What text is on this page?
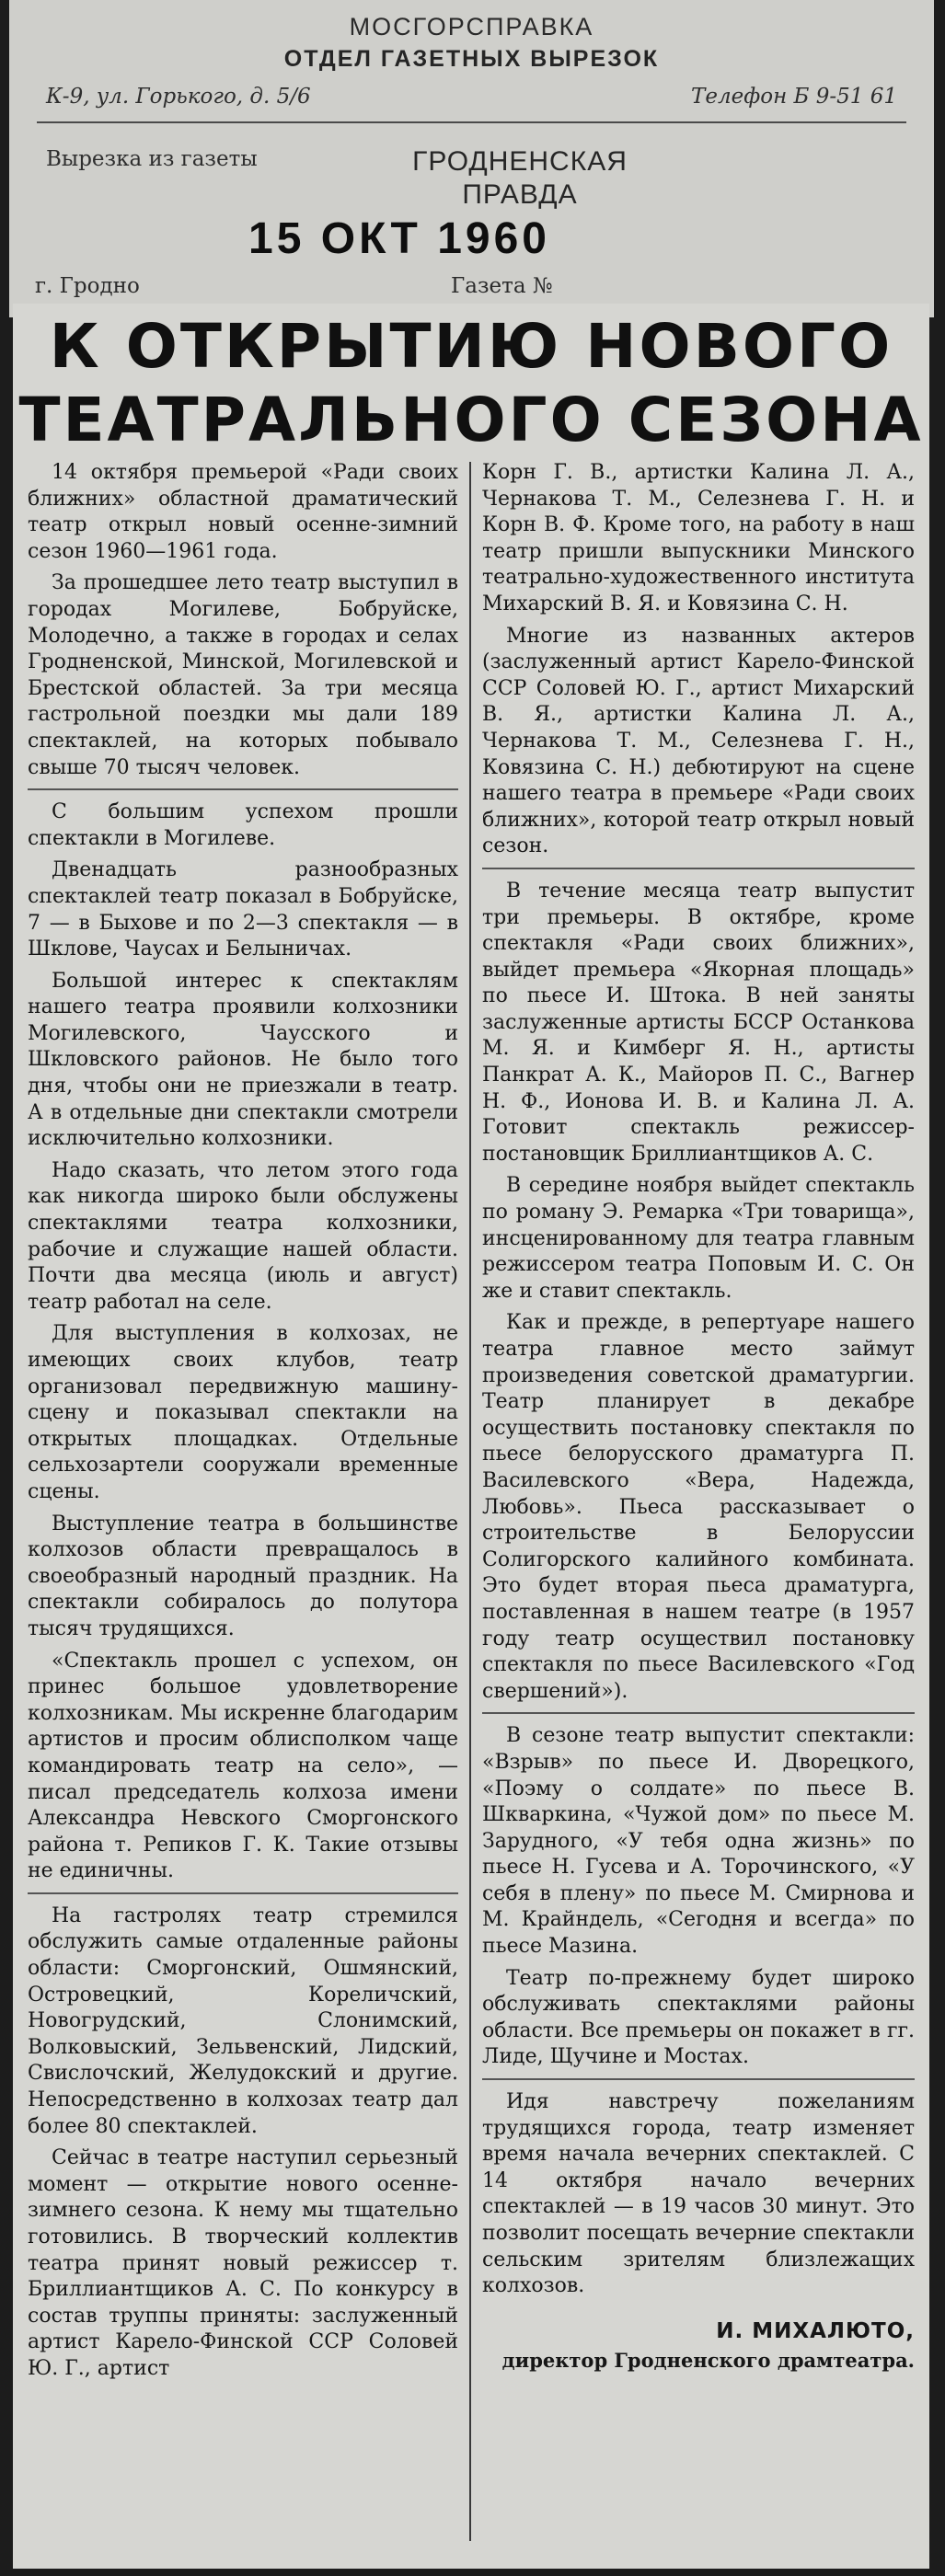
МОСГОРСПРАВКА
ОТДЕЛ ГАЗЕТНЫХ ВЫРЕЗОК
К-9, ул. Горького, д. 5/6	Телефон Б 9-51 61
Вырезка из газеты	ГРОДНЕНСКАЯ ПРАВДА
15 ОКТ 1960
г. Гродно	Газета №
К ОТКРЫТИЮ НОВОГО
ТЕАТРАЛЬНОГО СЕЗОНА

14 октября премьерой «Ради своих ближних» областной драматический театр открыл новый осенне-зимний сезон 1960—1961 года.

За прошедшее лето театр выступил в городах Могилеве, Бобруйске, Молодечно, а также в городах и селах Гродненской, Минской, Могилевской и Брестской областей. За три месяца гастрольной поездки мы дали 189 спектаклей, на которых побывало свыше 70 тысяч человек.

С большим успехом прошли спектакли в Могилеве.

Двенадцать разнообразных спектаклей театр показал в Бобруйске, 7 — в Быхове и по 2—3 спектакля — в Шклове, Чаусах и Белыничах.

Большой интерес к спектаклям нашего театра проявили колхозники Могилевского, Чаусского и Шкловского районов. Не было того дня, чтобы они не приезжали в театр. А в отдельные дни спектакли смотрели исключительно колхозники.

Надо сказать, что летом этого года как никогда широко были обслужены спектаклями театра колхозники, рабочие и служащие нашей области. Почти два месяца (июль и август) театр работал на селе.

Для выступления в колхозах, не имеющих своих клубов, театр организовал передвижную машину-сцену и показывал спектакли на открытых площадках. Отдельные сельхозартели сооружали временные сцены.

Выступление театра в большинстве колхозов области превращалось в своеобразный народный праздник. На спектакли собиралось до полутора тысяч трудящихся.

«Спектакль прошел с успехом, он принес большое удовлетворение колхозникам. Мы искренне благодарим артистов и просим облисполком чаще командировать театр на село», — писал председатель колхоза имени Александра Невского Сморгонского района т. Репиков Г. К. Такие отзывы не единичны.

На гастролях театр стремился обслужить самые отдаленные районы области: Сморгонский, Ошмянский, Островецкий, Кореличский, Новогрудский, Слонимский, Волковыский, Зельвенский, Лидский, Свислочский, Желудокский и другие. Непосредственно в колхозах театр дал более 80 спектаклей.

Сейчас в театре наступил серьезный момент — открытие нового осенне-зимнего сезона. К нему мы тщательно готовились. В творческий коллектив театра принят новый режиссер т. Бриллиантщиков А. С. По конкурсу в состав труппы приняты: заслуженный артист Карело-Финской ССР Соловей Ю. Г., артист

Корн Г. В., артистки Калина Л. А., Чернакова Т. М., Селезнева Г. Н. и Корн В. Ф. Кроме того, на работу в наш театр пришли выпускники Минского театрально-художественного института Михарский В. Я. и Ковязина С. Н.

Многие из названных актеров (заслуженный артист Карело-Финской ССР Соловей Ю. Г., артист Михарский В. Я., артистки Калина Л. А., Чернакова Т. М., Селезнева Г. Н., Ковязина С. Н.) дебютируют на сцене нашего театра в премьере «Ради своих ближних», которой театр открыл новый сезон.

В течение месяца театр выпустит три премьеры. В октябре, кроме спектакля «Ради своих ближних», выйдет премьера «Якорная площадь» по пьесе И. Штока. В ней заняты заслуженные артисты БССР Останкова М. Я. и Кимберг Я. Н., артисты Панкрат А. К., Майоров П. С., Вагнер Н. Ф., Ионова И. В. и Калина Л. А. Готовит спектакль режиссер-постановщик Бриллиантщиков А. С.

В середине ноября выйдет спектакль по роману Э. Ремарка «Три товарища», инсценированному для театра главным режиссером театра Поповым И. С. Он же и ставит спектакль.

Как и прежде, в репертуаре нашего театра главное место займут произведения советской драматургии. Театр планирует в декабре осуществить постановку спектакля по пьесе белорусского драматурга П. Василевского «Вера, Надежда, Любовь». Пьеса рассказывает о строительстве в Белоруссии Солигорского калийного комбината. Это будет вторая пьеса драматурга, поставленная в нашем театре (в 1957 году театр осуществил постановку спектакля по пьесе Василевского «Год свершений»).

В сезоне театр выпустит спектакли: «Взрыв» по пьесе И. Дворецкого, «Поэму о солдате» по пьесе В. Шкваркина, «Чужой дом» по пьесе М. Зарудного, «У тебя одна жизнь» по пьесе Н. Гусева и А. Торочинского, «У себя в плену» по пьесе М. Смирнова и М. Крайндель, «Сегодня и всегда» по пьесе Мазина.

Театр по-прежнему будет широко обслуживать спектаклями районы области. Все премьеры он покажет в гг. Лиде, Щучине и Мостах.

Идя навстречу пожеланиям трудящихся города, театр изменяет время начала вечерних спектаклей. С 14 октября начало вечерних спектаклей — в 19 часов 30 минут. Это позволит посещать вечерние спектакли сельским зрителям близлежащих колхозов.

И. МИХАЛЮТО,
директор Гродненского драмтеатра.
